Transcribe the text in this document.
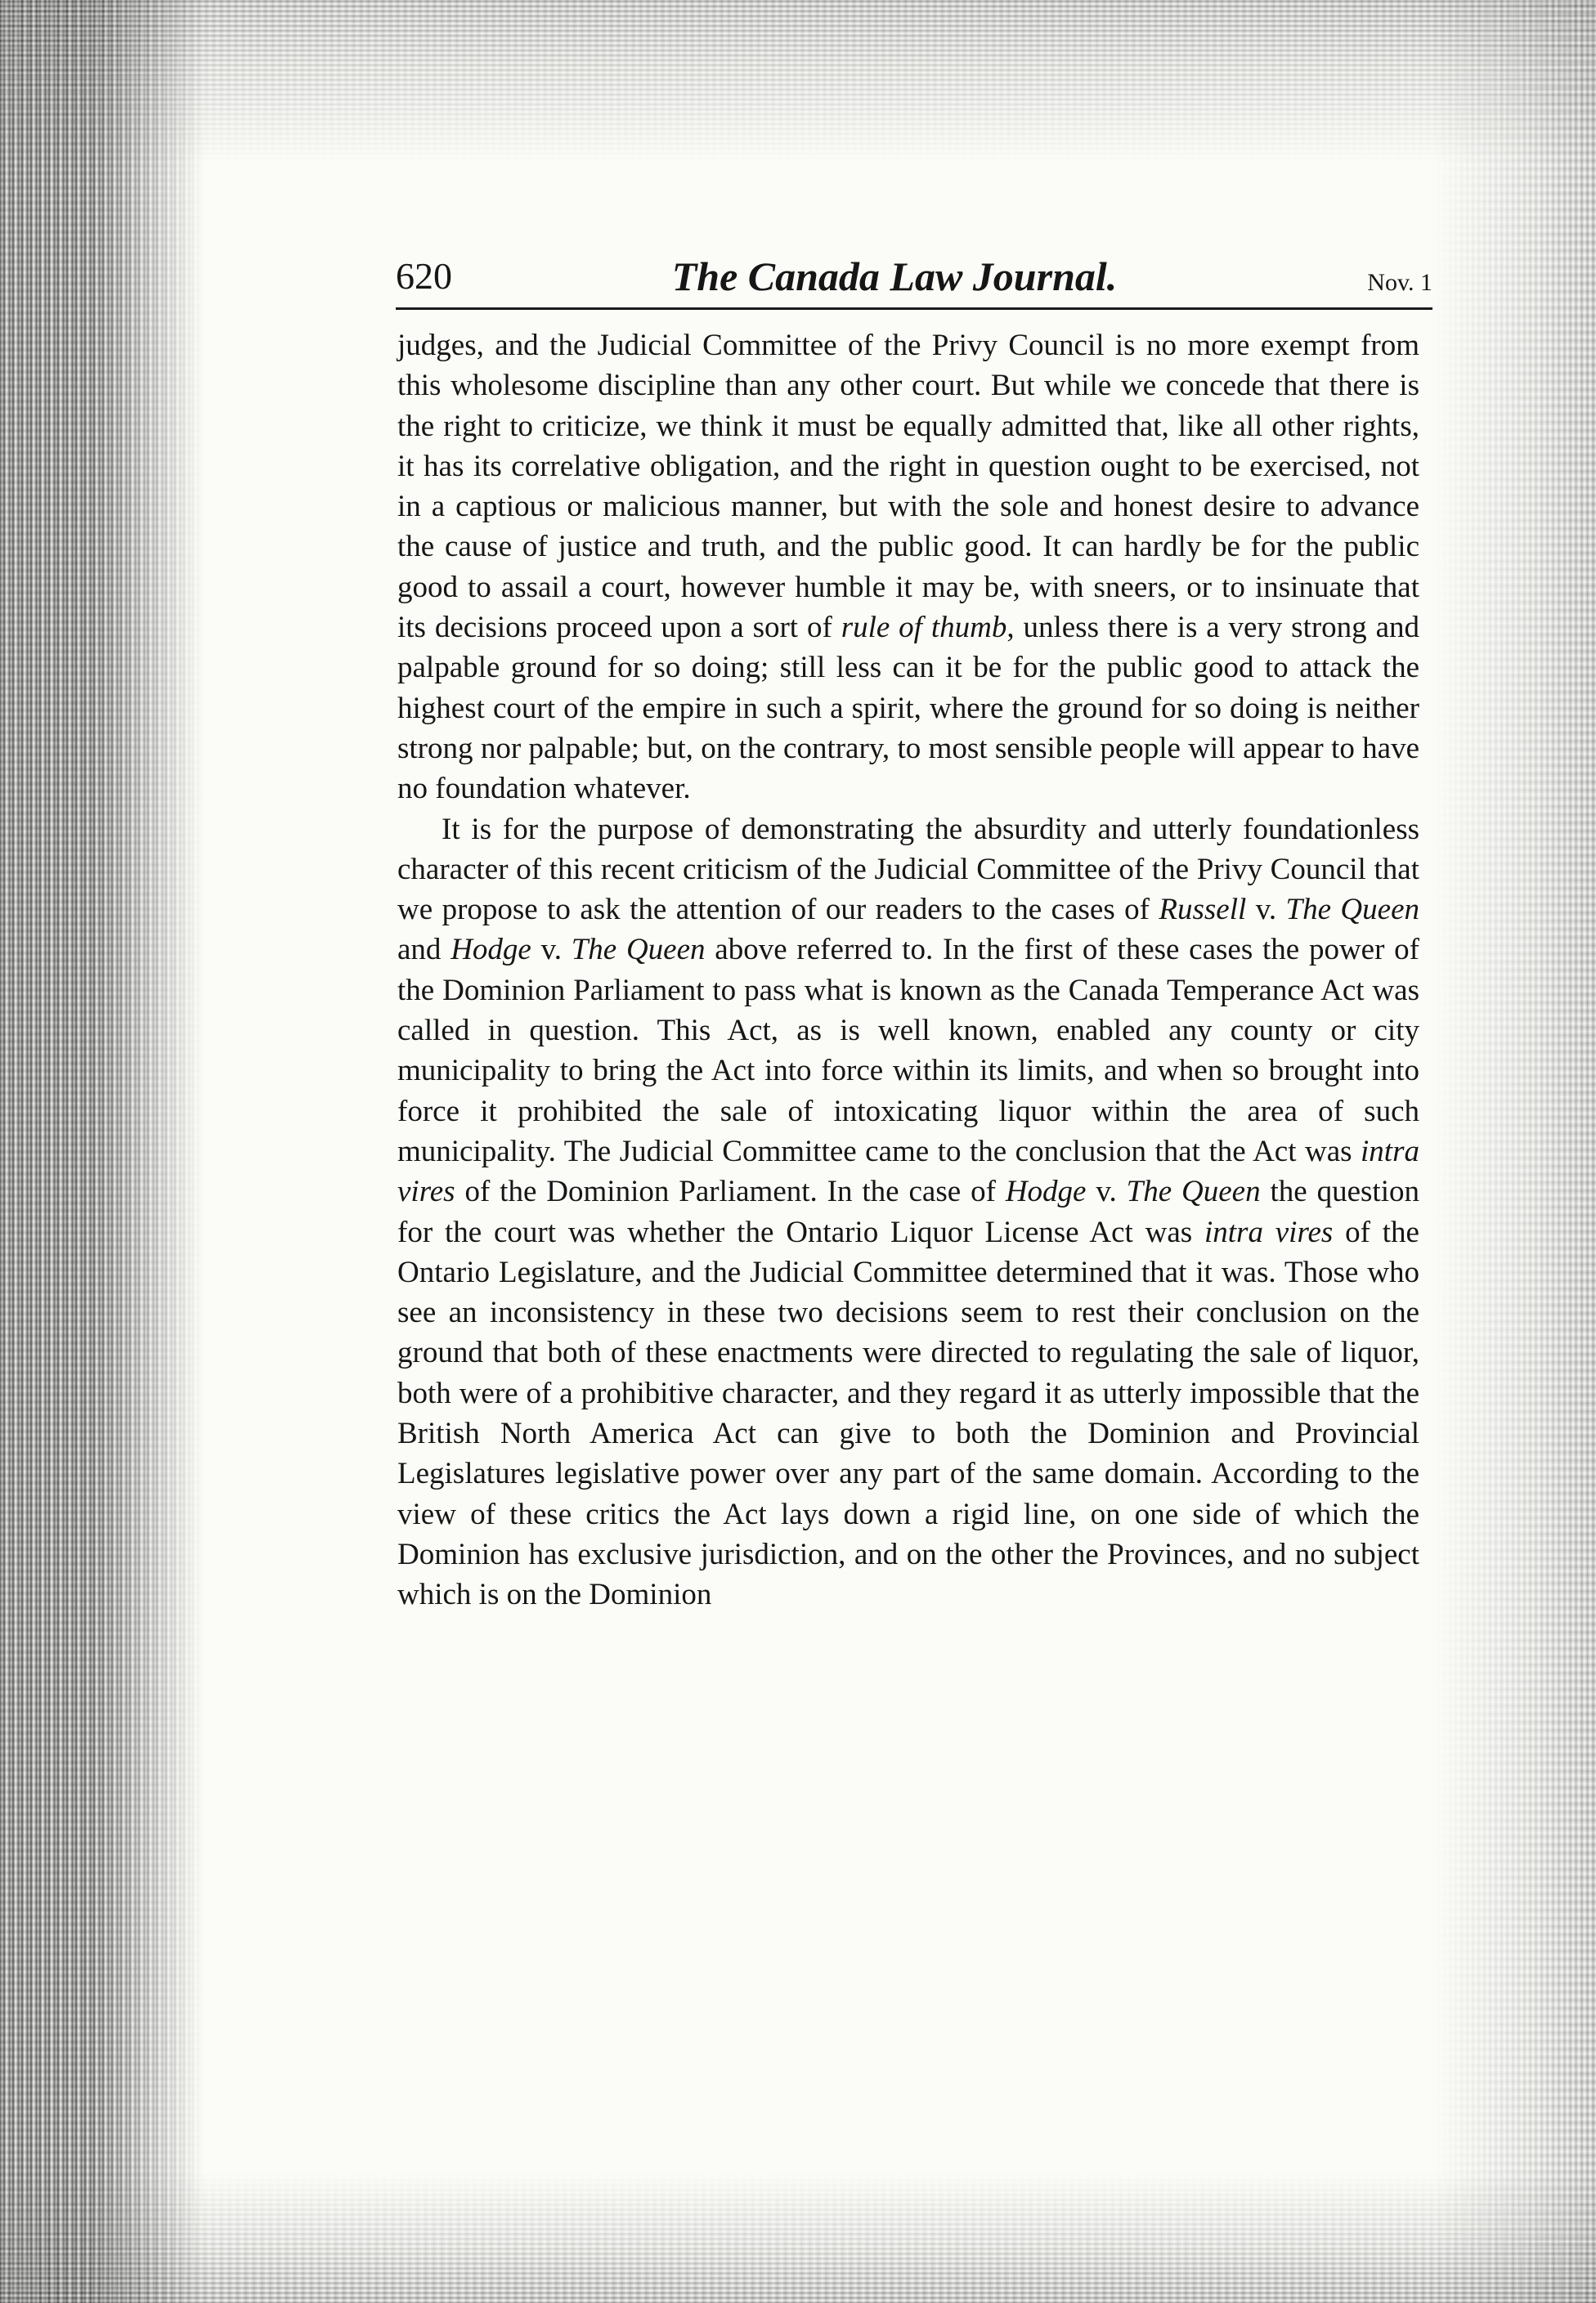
620	The Canada Law Journal.	Nov. 1

judges, and the Judicial Committee of the Privy Council is no more exempt from this wholesome discipline than any other court. But while we concede that there is the right to criticize, we think it must be equally admitted that, like all other rights, it has its correlative obligation, and the right in question ought to be exercised, not in a captious or malicious manner, but with the sole and honest desire to advance the cause of justice and truth, and the public good. It can hardly be for the public good to assail a court, however humble it may be, with sneers, or to insinuate that its decisions proceed upon a sort of rule of thumb, unless there is a very strong and palpable ground for so doing; still less can it be for the public good to attack the highest court of the empire in such a spirit, where the ground for so doing is neither strong nor palpable; but, on the contrary, to most sensible people will appear to have no foundation whatever.

It is for the purpose of demonstrating the absurdity and utterly foundationless character of this recent criticism of the Judicial Committee of the Privy Council that we propose to ask the attention of our readers to the cases of Russell v. The Queen and Hodge v. The Queen above referred to. In the first of these cases the power of the Dominion Parliament to pass what is known as the Canada Temperance Act was called in question. This Act, as is well known, enabled any county or city municipality to bring the Act into force within its limits, and when so brought into force it prohibited the sale of intoxicating liquor within the area of such municipality. The Judicial Committee came to the conclusion that the Act was intra vires of the Dominion Parliament. In the case of Hodge v. The Queen the question for the court was whether the Ontario Liquor License Act was intra vires of the Ontario Legislature, and the Judicial Committee determined that it was. Those who see an inconsistency in these two decisions seem to rest their conclusion on the ground that both of these enactments were directed to regulating the sale of liquor, both were of a prohibitive character, and they regard it as utterly impossible that the British North America Act can give to both the Dominion and Provincial Legislatures legislative power over any part of the same domain. According to the view of these critics the Act lays down a rigid line, on one side of which the Dominion has exclusive jurisdiction, and on the other the Provinces, and no subject which is on the Dominion
